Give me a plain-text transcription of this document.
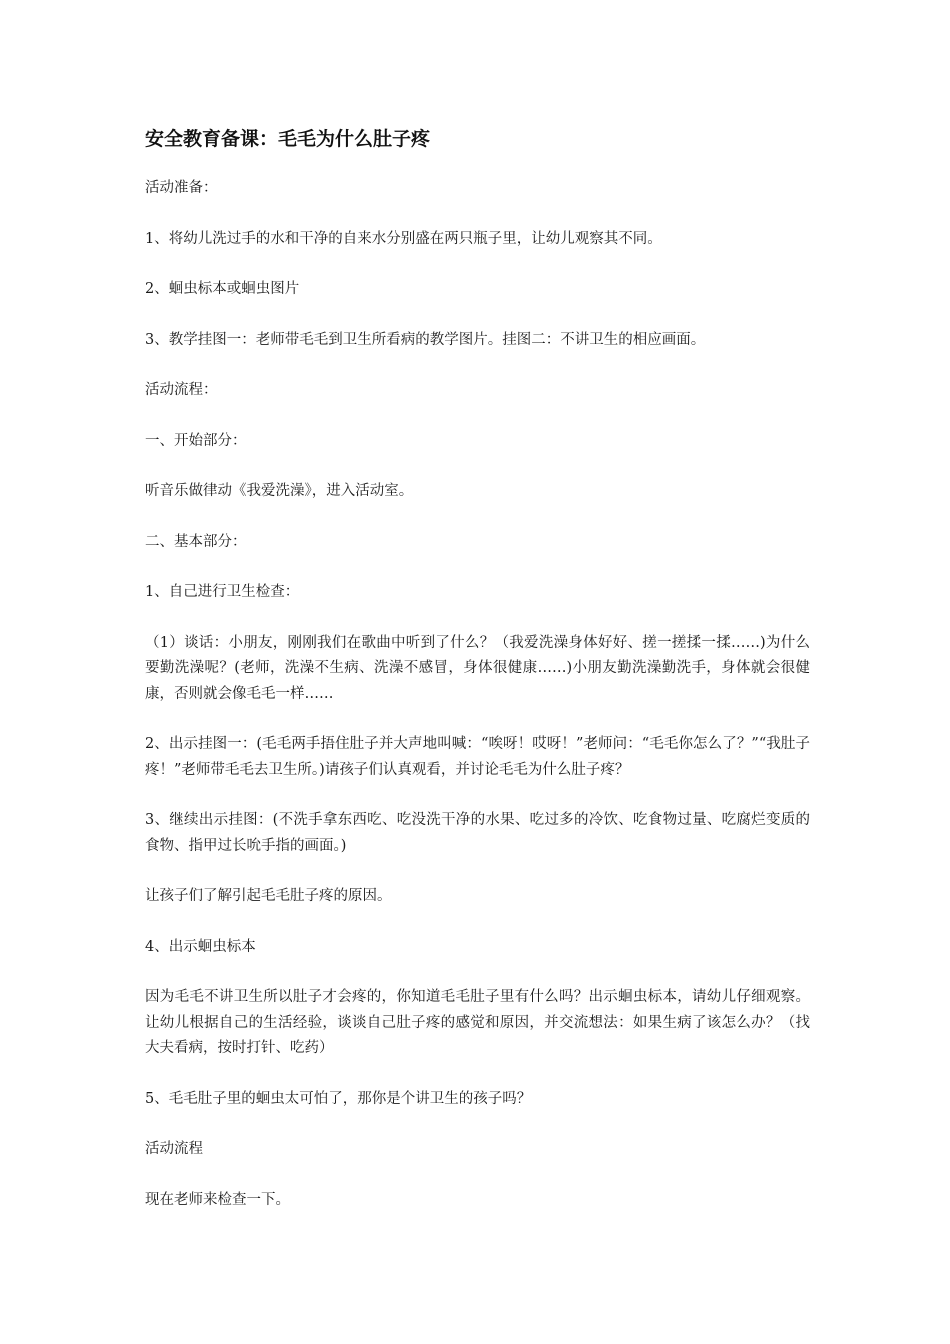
安全教育备课：毛毛为什么肚子疼

活动准备：

1、将幼儿洗过手的水和干净的自来水分别盛在两只瓶子里，让幼儿观察其不同。

2、蛔虫标本或蛔虫图片

3、教学挂图一：老师带毛毛到卫生所看病的教学图片。挂图二：不讲卫生的相应画面。

活动流程：

一、开始部分：

听音乐做律动《我爱洗澡》，进入活动室。

二、基本部分：

1、自己进行卫生检查：

（1）谈话：小朋友，刚刚我们在歌曲中听到了什么？（我爱洗澡身体好好、搓一搓揉一揉……)为什么要勤洗澡呢？(老师，洗澡不生病、洗澡不感冒，身体很健康……)小朋友勤洗澡勤洗手，身体就会很健康，否则就会像毛毛一样……

2、出示挂图一：(毛毛两手捂住肚子并大声地叫喊：“唉呀！哎呀！”老师问：“毛毛你怎么了？”“我肚子疼！”老师带毛毛去卫生所。)请孩子们认真观看，并讨论毛毛为什么肚子疼？

3、继续出示挂图：(不洗手拿东西吃、吃没洗干净的水果、吃过多的冷饮、吃食物过量、吃腐烂变质的食物、指甲过长吮手指的画面。)

让孩子们了解引起毛毛肚子疼的原因。

4、出示蛔虫标本

因为毛毛不讲卫生所以肚子才会疼的，你知道毛毛肚子里有什么吗？出示蛔虫标本，请幼儿仔细观察。让幼儿根据自己的生活经验，谈谈自己肚子疼的感觉和原因，并交流想法：如果生病了该怎么办？（找大夫看病，按时打针、吃药）

5、毛毛肚子里的蛔虫太可怕了，那你是个讲卫生的孩子吗？

活动流程

现在老师来检查一下。
